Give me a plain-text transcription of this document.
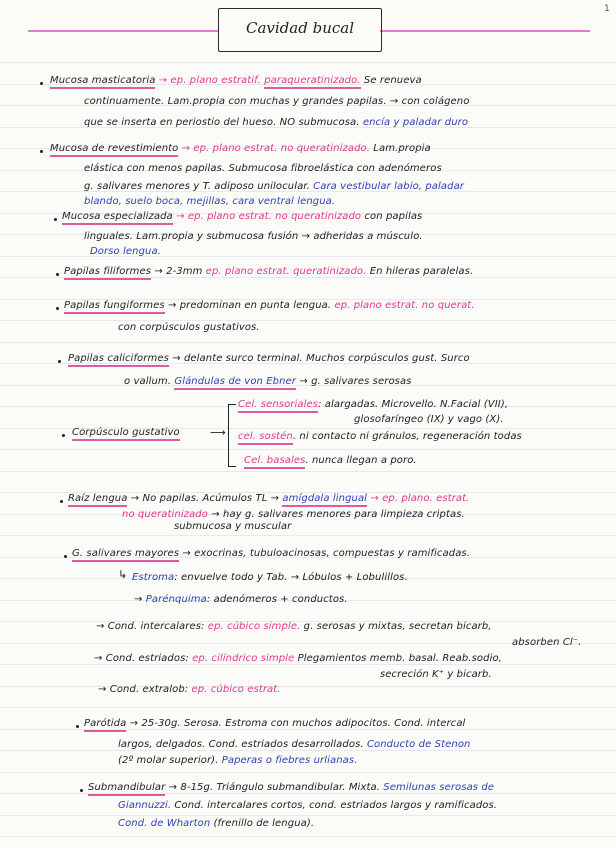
1
Cavidad bucal
Mucosa masticatoria → ep. plano estratif. paraqueratinizado. Se renueva
continuamente. Lam.propia con muchas y grandes papilas. → con colágeno
que se inserta en periostio del hueso. NO submucosa. encía y paladar duro
Mucosa de revestimiento → ep. plano estrat. no queratinizado. Lam.propia
elástica con menos papilas. Submucosa fibroelástica con adenómeros
g. salivares menores y T. adiposo unilocular. Cara vestibular labio, paladar
blando, suelo boca, mejillas, cara ventral lengua.
Mucosa especializada → ep. plano estrat. no queratinizado con papilas
linguales. Lam.propia y submucosa fusión → adheridas a músculo.
Dorso lengua.
Papilas filiformes → 2-3mm ep. plano estrat. queratinizado. En hileras paralelas.
Papilas fungiformes → predominan en punta lengua. ep. plano estrat. no querat.
con corpúsculos gustativos.
Papilas caliciformes → delante surco terminal. Muchos corpúsculos gust. Surco
o vallum. Glándulas de von Ebner → g. salivares serosas
Corpúsculo gustativo	⟶
Cel. sensoriales: alargadas. Microvello. N.Facial (VII),
glosofaríngeo (IX) y vago (X).
cel. sostén. ni contacto ni gránulos, regeneración todas
Cel. basales. nunca llegan a poro.
Raíz lengua → No papilas. Acúmulos TL → amígdala lingual → ep. plano. estrat.
no queratinizado → hay g. salivares menores para limpieza criptas.
submucosa y muscular
G. salivares mayores → exocrinas, tubuloacinosas, compuestas y ramificadas.
↳ Estroma: envuelve todo y Tab. → Lóbulos + Lobulillos.
→ Parénquima: adenómeros + conductos.
→ Cond. intercalares: ep. cúbico simple. g. serosas y mixtas, secretan bicarb,
absorben Cl⁻.
→ Cond. estriados: ep. cilíndrico simple Plegamientos memb. basal. Reab.sodio,
secreción K⁺ y bicarb.
→ Cond. extralob: ep. cúbico estrat.
Parótida → 25-30g. Serosa. Estroma con muchos adipocitos. Cond. intercal
largos, delgados. Cond. estriados desarrollados. Conducto de Stenon
(2º molar superior). Paperas o fiebres urlianas.
Submandibular → 8-15g. Triángulo submandibular. Mixta. Semilunas serosas de
Giannuzzi. Cond. intercalares cortos, cond. estriados largos y ramificados.
Cond. de Wharton (frenillo de lengua).
